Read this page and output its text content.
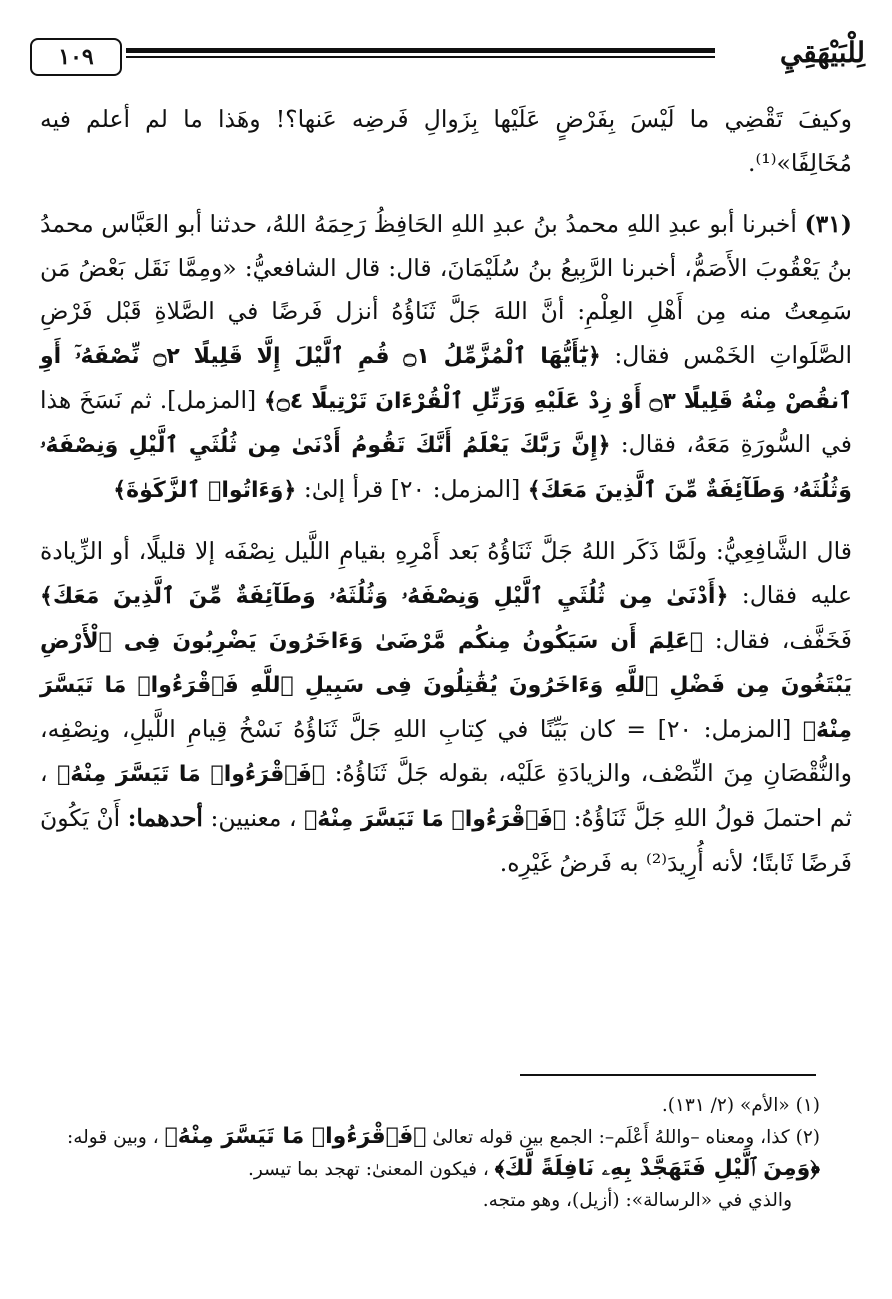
١٠٩	لِلْبَيْهَقِيِ

وكيفَ تَقْضِي ما لَيْسَ بِفَرْضٍ عَلَيْها بِزَوالِ فَرضِه عَنها؟! وهَذا ما لم أعلم فيه مُخَالِفًا»⁽¹⁾.

(٣١) أخبرنا أبو عبدِ اللهِ محمدُ بنُ عبدِ اللهِ الحَافِظُ رَحِمَهُ اللهُ، حدثنا أبو العَبَّاس محمدُ بنُ يَعْقُوبَ الأَصَمُّ، أخبرنا الرَّبِيعُ بنُ سُلَيْمَانَ، قال: قال الشافعيُّ: «ومِمَّا نَقَل بَعْضُ مَن سَمِعتُ منه مِن أَهْلِ العِلْمِ: أنَّ اللهَ جَلَّ ثَنَاؤُهُ أنزل فَرضًا في الصَّلاةِ قَبْل فَرْضِ الصَّلَواتِ الخَمْس فقال: ﴿يَٰٓأَيُّهَا ٱلْمُزَّمِّلُ ۝١ قُمِ ٱلَّيْلَ إِلَّا قَلِيلًا ۝٢ نِّصْفَهُۥٓ أَوِ ٱنقُصْ مِنْهُ قَلِيلًا ۝٣ أَوْ زِدْ عَلَيْهِ وَرَتِّلِ ٱلْقُرْءَانَ تَرْتِيلًا ۝٤﴾ [المزمل]. ثم نَسَخَ هذا في السُّورَةِ مَعَهُ، فقال: ﴿إِنَّ رَبَّكَ يَعْلَمُ أَنَّكَ تَقُومُ أَدْنَىٰ مِن ثُلُثَيِ ٱلَّيْلِ وَنِصْفَهُۥ وَثُلُثَهُۥ وَطَآئِفَةٌ مِّنَ ٱلَّذِينَ مَعَكَ﴾ [المزمل: ٢٠] قرأ إلىٰ: ﴿وَءَاتُوا۟ ٱلزَّكَوٰةَ﴾

قال الشَّافِعِيُّ: ولَمَّا ذَكَر اللهُ جَلَّ ثَنَاؤُهُ بَعد أَمْرِهِ بقيامِ اللَّيل نِصْفَه إلا قليلًا، أو الزِّيادة عليه فقال: ﴿أَدْنَىٰ مِن ثُلُثَيِ ٱلَّيْلِ وَنِصْفَهُۥ وَثُلُثَهُۥ وَطَآئِفَةٌ مِّنَ ٱلَّذِينَ مَعَكَ﴾ فَخَفَّف، فقال: ﴿عَلِمَ أَن سَيَكُونُ مِنكُم مَّرْضَىٰ وَءَاخَرُونَ يَضْرِبُونَ فِى ٱلْأَرْضِ يَبْتَغُونَ مِن فَضْلِ ٱللَّهِ وَءَاخَرُونَ يُقَٰتِلُونَ فِى سَبِيلِ ٱللَّهِ فَٱقْرَءُوا۟ مَا تَيَسَّرَ مِنْهُ﴾ [المزمل: ٢٠] = كان بَيِّنًا في كِتابِ اللهِ جَلَّ ثَنَاؤُهُ نَسْخُ قِيامِ اللَّيلِ، ونِصْفِه، والنُّقْصَانِ مِنَ النِّصْف، والزيادَةِ عَلَيْه، بقوله جَلَّ ثَنَاؤُهُ: ﴿فَٱقْرَءُوا۟ مَا تَيَسَّرَ مِنْهُ﴾ ، ثم احتملَ قولُ اللهِ جَلَّ ثَنَاؤُهُ: ﴿فَٱقْرَءُوا۟ مَا تَيَسَّرَ مِنْهُ﴾ ، معنيين: أحدهما: أَنْ يَكُونَ فَرضًا ثَابتًا؛ لأنه أُرِيدَ⁽²⁾ به فَرضُ غَيْرِه.

(١) «الأم» (٢/ ١٣١).

(٢) كذا، ومعناه –واللهُ أَعْلَم–: الجمع بين قوله تعالىٰ ﴿فَٱقْرَءُوا۟ مَا تَيَسَّرَ مِنْهُ﴾ ، وبين قوله: ﴿وَمِنَ ٱلَّيْلِ فَتَهَجَّدْ بِهِۦ نَافِلَةً لَّكَ﴾ ، فيكون المعنىٰ: تهجد بما تيسر.

والذي في «الرسالة»: (أزيل)، وهو متجه.
